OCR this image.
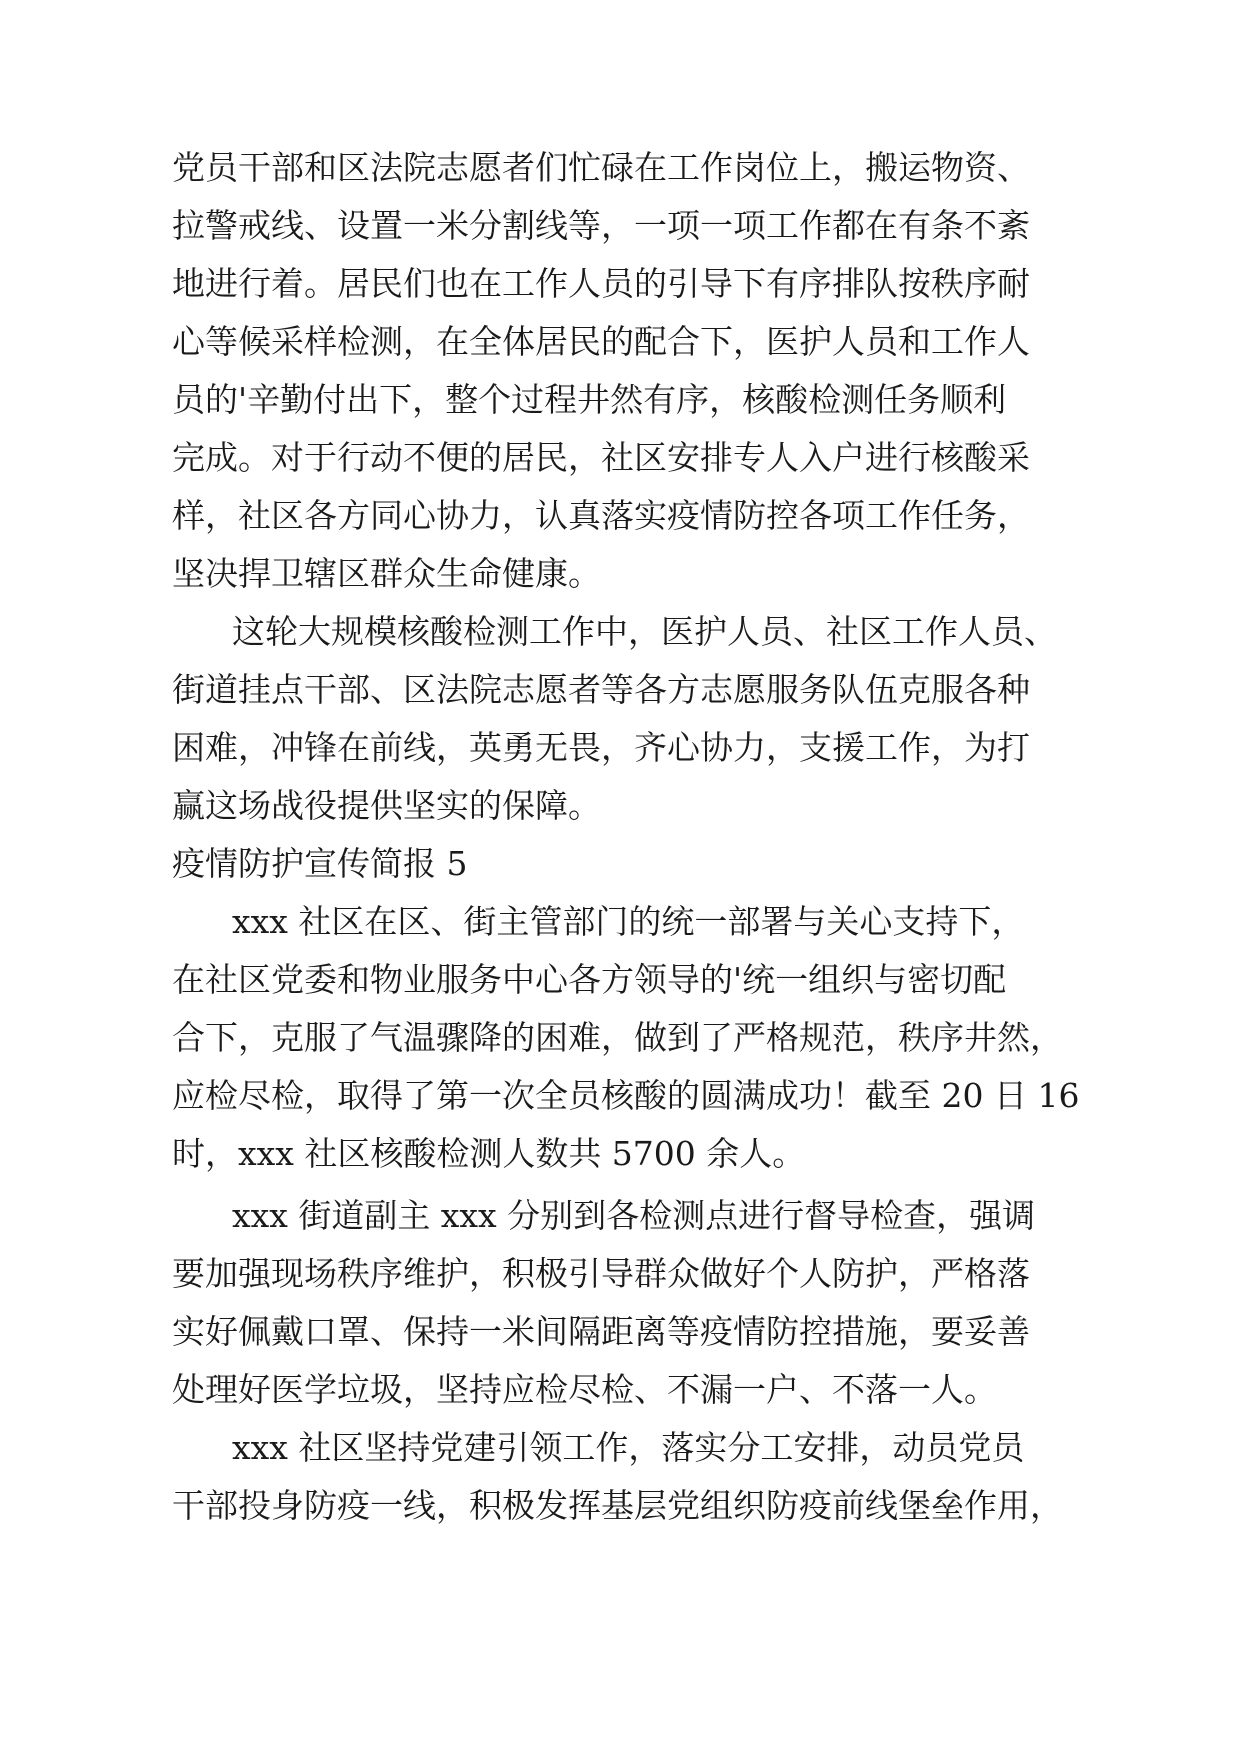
党员干部和区法院志愿者们忙碌在工作岗位上，搬运物资、
拉警戒线、设置一米分割线等，一项一项工作都在有条不紊
地进行着。居民们也在工作人员的引导下有序排队按秩序耐
心等候采样检测，在全体居民的配合下，医护人员和工作人
员的'辛勤付出下，整个过程井然有序，核酸检测任务顺利
完成。对于行动不便的居民，社区安排专人入户进行核酸采
样，社区各方同心协力，认真落实疫情防控各项工作任务，
坚决捍卫辖区群众生命健康。
这轮大规模核酸检测工作中，医护人员、社区工作人员、
街道挂点干部、区法院志愿者等各方志愿服务队伍克服各种
困难，冲锋在前线，英勇无畏，齐心协力，支援工作，为打
赢这场战役提供坚实的保障。
疫情防护宣传简报 5
xxx 社区在区、街主管部门的统一部署与关心支持下，
在社区党委和物业服务中心各方领导的'统一组织与密切配
合下，克服了气温骤降的困难，做到了严格规范，秩序井然，
应检尽检，取得了第一次全员核酸的圆满成功！截至 20 日 16
时，xxx 社区核酸检测人数共 5700 余人。
xxx 街道副主 xxx 分别到各检测点进行督导检查，强调
要加强现场秩序维护，积极引导群众做好个人防护，严格落
实好佩戴口罩、保持一米间隔距离等疫情防控措施，要妥善
处理好医学垃圾，坚持应检尽检、不漏一户、不落一人。
xxx 社区坚持党建引领工作，落实分工安排，动员党员
干部投身防疫一线，积极发挥基层党组织防疫前线堡垒作用，
